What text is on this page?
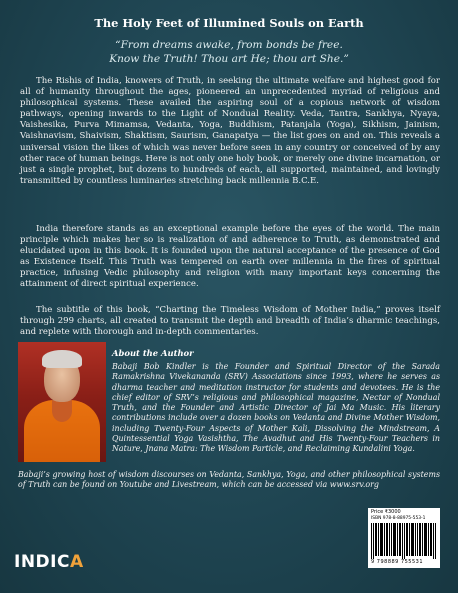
The Holy Feet of Illumined Souls on Earth
“From dreams awake, from bonds be free.
Know the Truth! Thou art He; thou art She.”

The Rishis of India, knowers of Truth, in seeking the ultimate welfare and highest good for all of humanity throughout the ages, pioneered an unprecedented myriad of religious and philosophical systems. These availed the aspiring soul of a copious network of wisdom pathways, opening inwards to the Light of Nondual Reality. Veda, Tantra, Sankhya, Nyaya, Vaishesika, Purva Mimamsa, Vedanta, Yoga, Buddhism, Patanjala (Yoga), Sikhism, Jainism, Vaishnavism, Shaivism, Shaktism, Saurism, Ganapatya — the list goes on and on. This reveals a universal vision the likes of which was never before seen in any country or conceived of by any other race of human beings. Here is not only one holy book, or merely one divine incarnation, or just a single prophet, but dozens to hundreds of each, all supported, maintained, and lovingly transmitted by countless luminaries stretching back millennia B.C.E.

India therefore stands as an exceptional example before the eyes of the world. The main principle which makes her so is realization of and adherence to Truth, as demonstrated and elucidated upon in this book. It is founded upon the natural acceptance of the presence of God as Existence Itself. This Truth was tempered on earth over millennia in the fires of spiritual practice, infusing Vedic philosophy and religion with many important keys concerning the attainment of direct spiritual experience.

The subtitle of this book, “Charting the Timeless Wisdom of Mother India,” proves itself through 299 charts, all created to transmit the depth and breadth of India’s dharmic teachings, and replete with thorough and in-depth commentaries.

About the Author
Babaji Bob Kindler is the Founder and Spiritual Director of the Sarada Ramakrishna Vivekananda (SRV) Associations since 1993, where he serves as dharma teacher and meditation instructor for students and devotees. He is the chief editor of SRV’s religious and philosophical magazine, Nectar of Nondual Truth, and the Founder and Artistic Director of Jai Ma Music. His literary contributions include over a dozen books on Vedanta and Divine Mother Wisdom, including Twenty-Four Aspects of Mother Kali, Dissolving the Mindstream, A Quintessential Yoga Vasishtha, The Avadhut and His Twenty-Four Teachers in Nature, Jnana Matra: The Wisdom Particle, and Reclaiming Kundalini Yoga.
Babaji’s growing host of wisdom discourses on Vedanta, Sankhya, Yoga, and other philosophical systems of Truth can be found on Youtube and Livestream, which can be accessed via www.srv.org
Price ₹3000
ISBN 978-8-88975-553-1
9 798889 755531
INDICA
